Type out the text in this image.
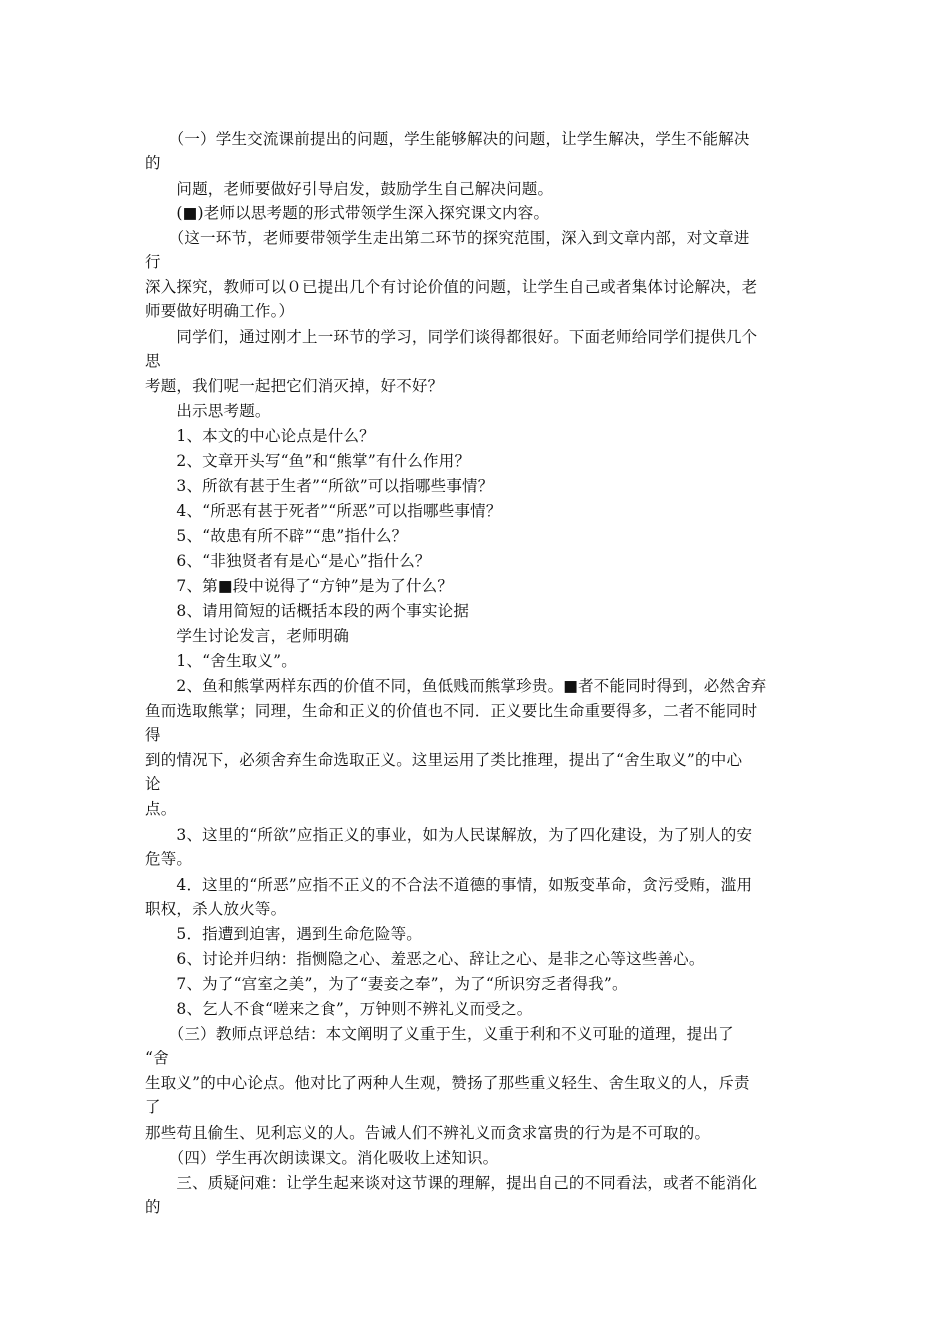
　　（一）学生交流课前提出的问题，学生能够解决的问题，让学生解决，学生不能解决
的
　　问题，老师要做好引导启发，鼓励学生自己解决问题。
　　(■)老师以思考题的形式带领学生深入探究课文内容。
　　（这一环节，老师要带领学生走出第二环节的探究范围，深入到文章内部，对文章进
行
深入探究，教师可以０已提出几个有讨论价值的问题，让学生自己或者集体讨论解决，老
师要做好明确工作。）
　　同学们，通过刚才上一环节的学习，同学们谈得都很好。下面老师给同学们提供几个
思
考题，我们呢一起把它们消灭掉，好不好？
　　出示思考题。
　　1、本文的中心论点是什么？
　　2、文章开头写“鱼”和“熊掌”有什么作用？
　　3、所欲有甚于生者”“所欲”可以指哪些事情？
　　4、“所恶有甚于死者”“所恶”可以指哪些事情？
　　5、“故患有所不辟”“患”指什么？
　　6、“非独贤者有是心“是心”指什么？
　　7、第■段中说得了“方钟”是为了什么？
　　8、请用简短的话概括本段的两个事实论据
　　学生讨论发言，老师明确
　　1、“舍生取义”。
　　2、鱼和熊掌两样东西的价值不同，鱼低贱而熊掌珍贵。■者不能同时得到，必然舍弃
鱼而选取熊掌；同理，生命和正义的价值也不同．正义要比生命重要得多，二者不能同时
得
到的情况下，必须舍弃生命选取正义。这里运用了类比推理，提出了“舍生取义”的中心
论
点。
　　3、这里的“所欲”应指正义的事业，如为人民谋解放，为了四化建设，为了别人的安
危等。
　　4．这里的“所恶”应指不正义的不合法不道德的事情，如叛变革命，贪污受贿，滥用
职权，杀人放火等。
　　5．指遭到迫害，遇到生命危险等。
　　6、讨论并归纳：指恻隐之心、羞恶之心、辞让之心、是非之心等这些善心。
　　7、为了“宫室之美”，为了“妻妾之奉”，为了“所识穷乏者得我”。
　　8、乞人不食“嗟来之食”，万钟则不辨礼义而受之。
　　（三）教师点评总结：本文阐明了义重于生，义重于利和不义可耻的道理，提出了
“舍
生取义”的中心论点。他对比了两种人生观，赞扬了那些重义轻生、舍生取义的人，斥责
了
那些苟且偷生、见利忘义的人。告诫人们不辨礼义而贪求富贵的行为是不可取的。
　　（四）学生再次朗读课文。消化吸收上述知识。
　　三、质疑问难：让学生起来谈对这节课的理解，提出自己的不同看法，或者不能消化
的
